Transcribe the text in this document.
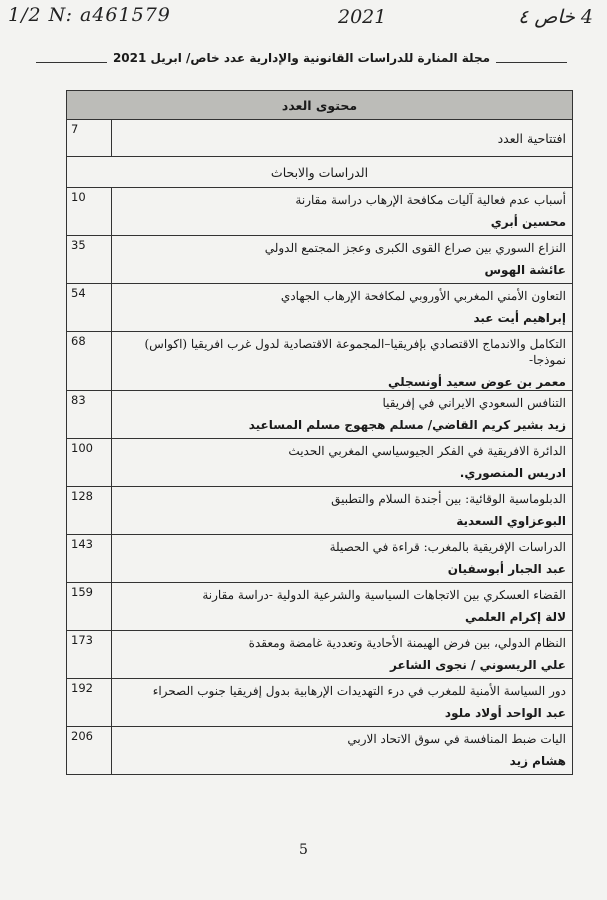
1/2 N: a461579	2021	4 خاص ٤
مجلة المنارة للدراسات القانونية والإدارية عدد خاص/ ابريل 2021
محتوى العدد	
افتتاحية العدد	7
الدراسات والابحاث	

أسباب عدم فعالية آليات مكافحة الإرهاب دراسة مقارنة
محسين أبري	10

النزاع السوري بين صراع القوى الكبرى وعجز المجتمع الدولي
عائشة الهوس	35

التعاون الأمني المغربي الأوروبي لمكافحة الإرهاب الجهادي
إبراهيم أيت عبد	54

التكامل والاندماج الاقتصادي بإفريقيا–المجموعة الاقتصادية لدول غرب افريقيا (اكواس) نموذجا-
معمر بن عوض سعيد أونسجلي	68

التنافس السعودي الايراني في إفريقيا
زيد بشير كريم القاضي/ مسلم هجهوج مسلم المساعيد	83

الدائرة الافريقية في الفكر الجيوسياسي المغربي الحديث
ادريس المنصوري.	100

الدبلوماسية الوقائية: بين أجندة السلام والتطبيق
البوعزاوي السعدية	128

الدراسات الإفريقية بالمغرب: قراءة في الحصيلة
عبد الجبار أبوسفيان	143

القضاء العسكري بين الاتجاهات السياسية والشرعية الدولية -دراسة مقارنة
لالة إكرام العلمي	159

النظام الدولي، بين فرض الهيمنة الأحادية وتعددية غامضة ومعقدة
علي الريسوني / نجوى الشاعر	173

دور السياسة الأمنية للمغرب في درء التهديدات الإرهابية بدول إفريقيا جنوب الصحراء
عبد الواحد أولاد ملود	192

اليات ضبط المنافسة في سوق الاتحاد الاربي
هشام زيد	206
5
